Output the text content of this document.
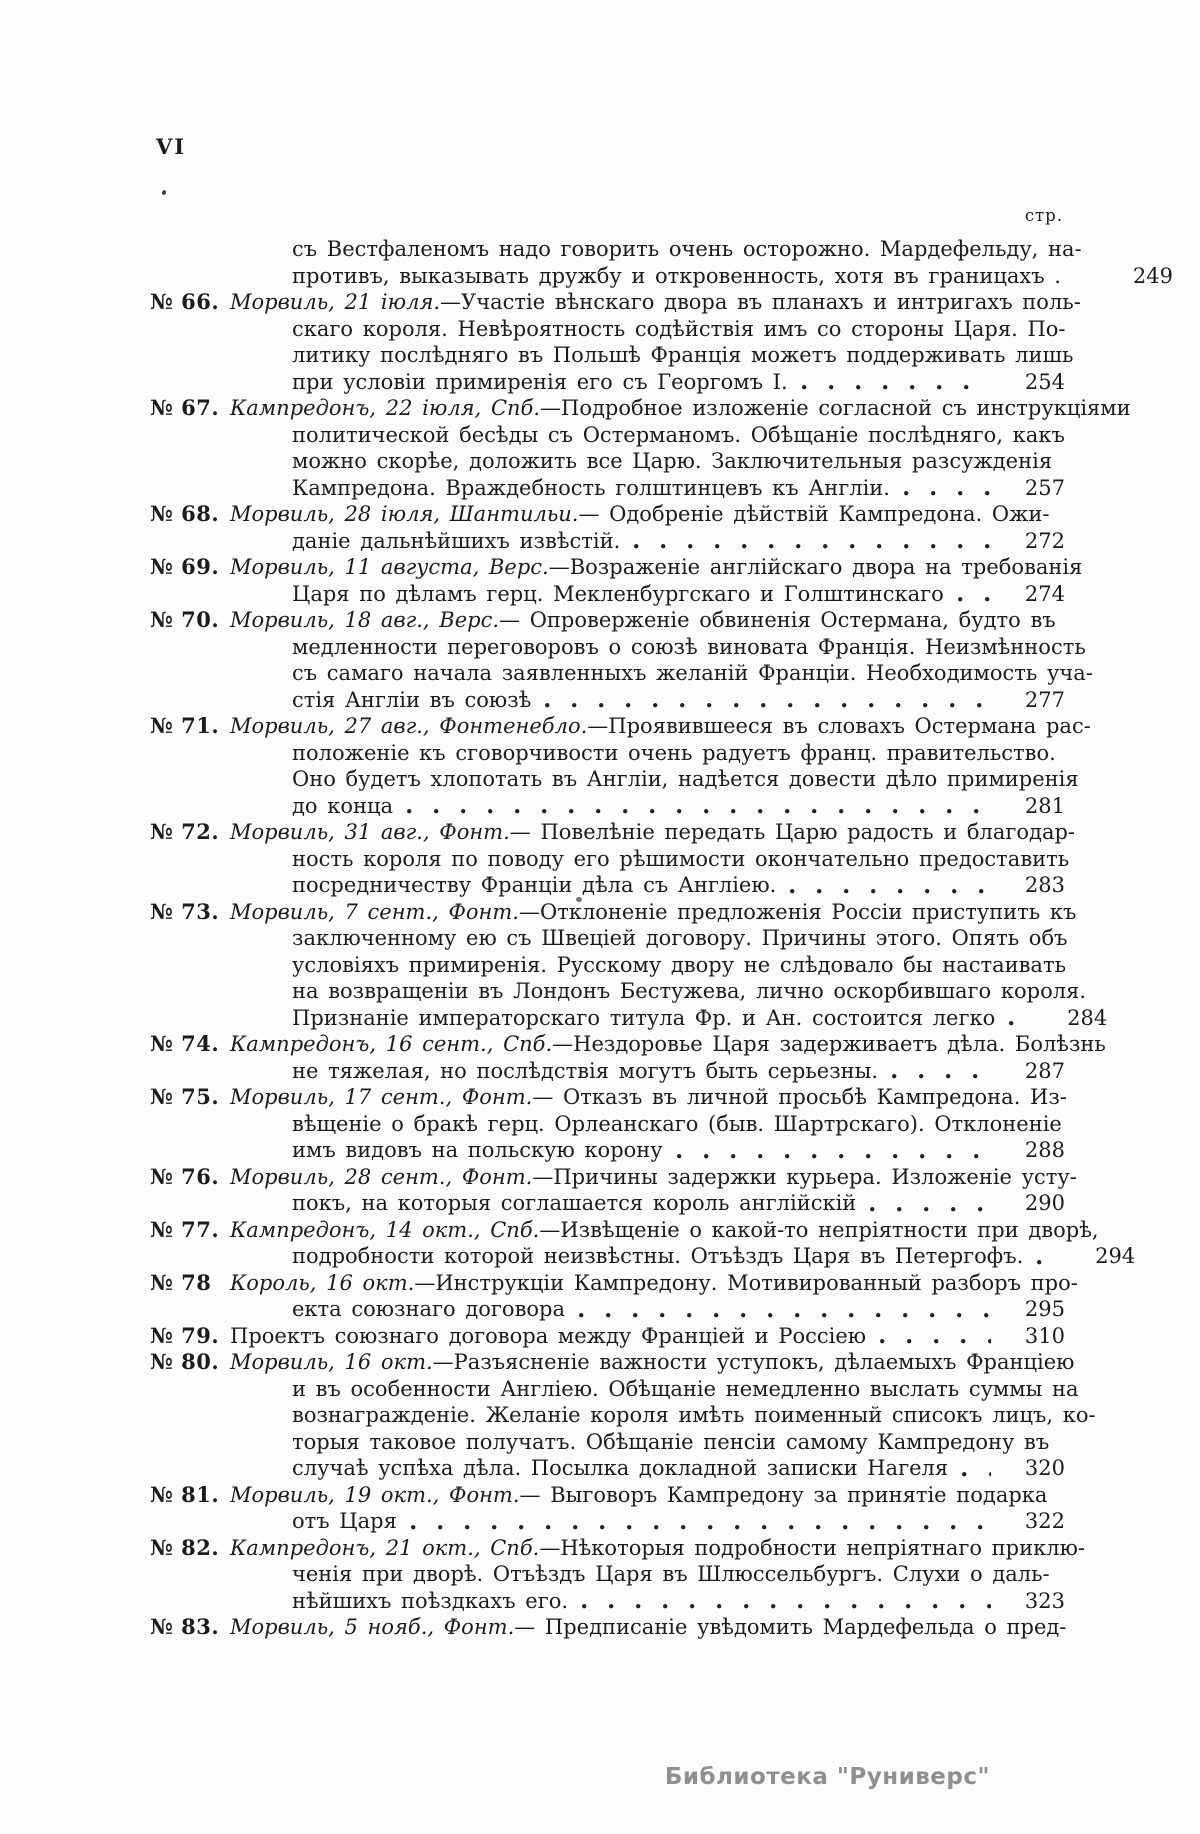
VI
стр.
съ Вестфаленомъ надо говорить очень осторожно. Мардефельду, на-
противъ, выказывать дружбу и откровенность, хотя въ границахъ .	249
№ 66. Морвиль, 21 іюля. —Участіе вѣнскаго двора въ планахъ и интригахъ поль-
скаго короля. Невѣроятность содѣйствія имъ со стороны Царя. По-
литику послѣдняго въ Польшѣ Франція можетъ поддерживать лишь
при условіи примиренія его съ Георгомъ I.	254
№ 67. Кампредонъ, 22 іюля, Спб. —Подробное изложеніе согласной съ инструкціями
политической бесѣды съ Остерманомъ. Обѣщаніе послѣдняго, какъ
можно скорѣе, доложить все Царю. Заключительныя разсужденія
Кампредона. Враждебность голштинцевъ къ Англіи.	257
№ 68. Морвиль, 28 іюля, Шантильи. — Одобреніе дѣйствій Кампредона. Ожи-
даніе дальнѣйшихъ извѣстій.	272
№ 69. Морвиль, 11 августа, Верс. —Возраженіе англійскаго двора на требованія
Царя по дѣламъ герц. Мекленбургскаго и Голштинскаго	274
№ 70. Морвиль, 18 авг., Верс. — Опроверженіе обвиненія Остермана, будто въ
медленности переговоровъ о союзѣ виновата Франція. Неизмѣнность
съ самаго начала заявленныхъ желаній Франціи. Необходимость уча-
стія Англіи въ союзѣ	277
№ 71. Морвиль, 27 авг., Фонтенебло. —Проявившееся въ словахъ Остермана рас-
положеніе къ сговорчивости очень радуетъ франц. правительство.
Оно будетъ хлопотать въ Англіи, надѣется довести дѣло примиренія
до конца	281
№ 72. Морвиль, 31 авг., Фонт. — Повелѣніе передать Царю радость и благодар-
ность короля по поводу его рѣшимости окончательно предоставить
посредничеству Франціи дѣла съ Англіею.	283
№ 73. Морвиль, 7 сент., Фонт. —Отклоненіе предложенія Россіи приступить къ
заключенному ею съ Швеціей договору. Причины этого. Опять объ
условіяхъ примиренія. Русскому двору не слѣдовало бы настаивать
на возвращеніи въ Лондонъ Бестужева, лично оскорбившаго короля.
Признаніе императорскаго титула Фр. и Ан. состоится легко	284
№ 74. Кампредонъ, 16 сент., Спб. —Нездоровье Царя задерживаетъ дѣла. Болѣзнь
не тяжелая, но послѣдствія могутъ быть серьезны.	287
№ 75. Морвиль, 17 сент., Фонт. — Отказъ въ личной просьбѣ Кампредона. Из-
вѣщеніе о бракѣ герц. Орлеанскаго (быв. Шартрскаго). Отклоненіе
имъ видовъ на польскую корону	288
№ 76. Морвиль, 28 сент., Фонт. —Причины задержки курьера. Изложеніе усту-
покъ, на которыя соглашается король англійскій	290
№ 77. Кампредонъ, 14 окт., Спб. —Извѣщеніе о какой-то непріятности при дворѣ,
подробности которой неизвѣстны. Отъѣздъ Царя въ Петергофъ.	294
№ 78 Король, 16 окт. —Инструкціи Кампредону. Мотивированный разборъ про-
екта союзнаго договора	295
№ 79. Проектъ союзнаго договора между Франціей и Россіею	310
№ 80. Морвиль, 16 окт. —Разъясненіе важности уступокъ, дѣлаемыхъ Франціею
и въ особенности Англіею. Обѣщаніе немедленно выслать суммы на
вознагражденіе. Желаніе короля имѣть поименный списокъ лицъ, ко-
торыя таковое получатъ. Обѣщаніе пенсіи самому Кампредону въ
случаѣ успѣха дѣла. Посылка докладной записки Нагеля	320
№ 81. Морвиль, 19 окт., Фонт. — Выговоръ Кампредону за принятіе подарка
отъ Царя	322
№ 82. Кампредонъ, 21 окт., Спб. —Нѣкоторыя подробности непріятнаго приклю-
ченія при дворѣ. Отъѣздъ Царя въ Шлюссельбургъ. Слухи о даль-
нѣйшихъ поѣздкахъ его.	323
№ 83. Морвиль, 5 нояб., Фонт. — Предписаніе увѣдомить Мардефельда о пред-
Библиотека "Руниверс"
